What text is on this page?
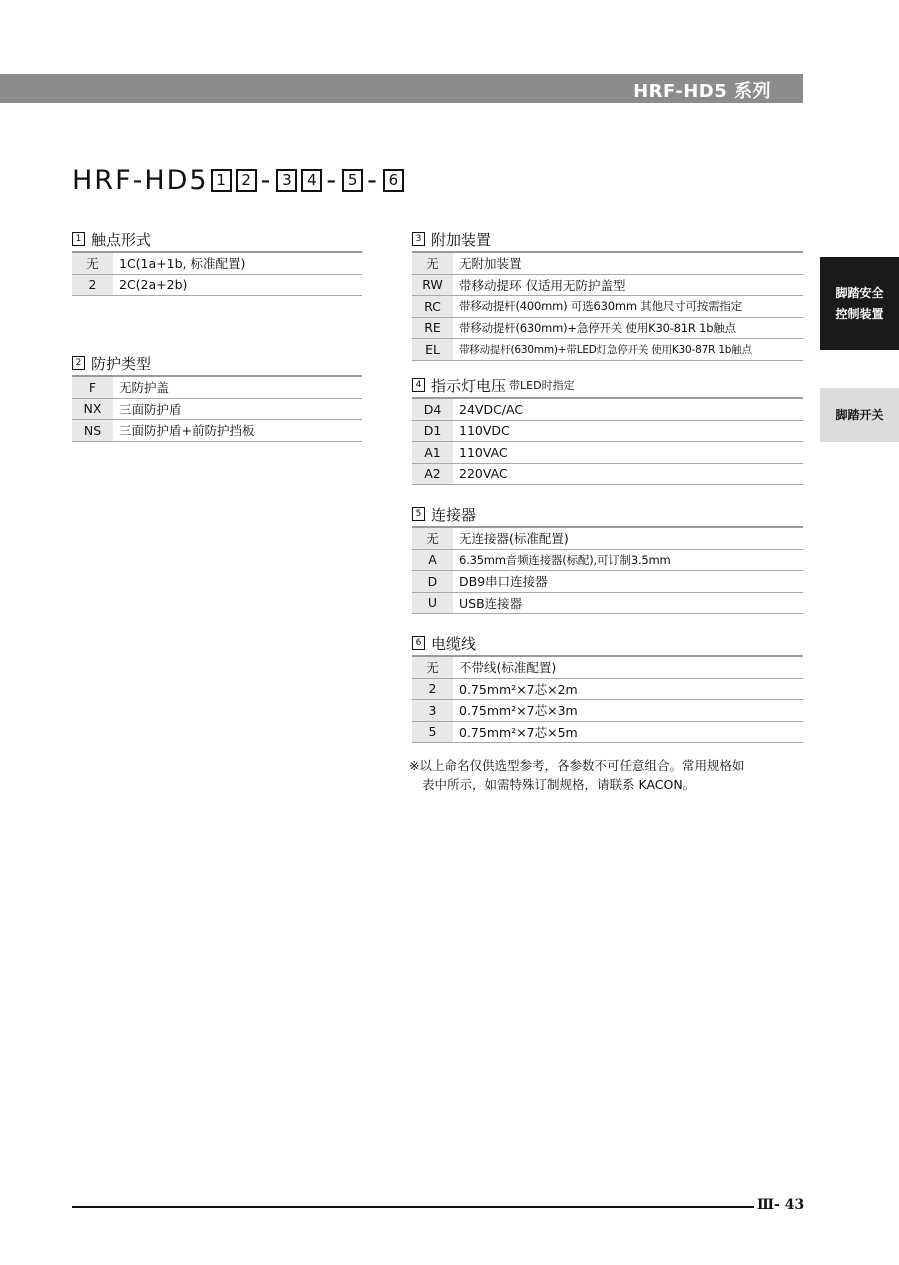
HRF-HD5 系列
HRF-HD5 1	2 - 3	4 - 5 - 6
1 触点形式
无	1C(1a+1b, 标准配置)
2	2C(2a+2b)
2 防护类型
F	无防护盖
NX	三面防护盾
NS	三面防护盾+前防护挡板
3 附加装置
无	无附加装置
RW	带移动提环 仅适用无防护盖型
RC	带移动提杆(400mm) 可选630mm 其他尺寸可按需指定
RE	带移动提杆(630mm)+急停开关 使用K30-81R 1b触点
EL	带移动提杆(630mm)+带LED灯急停开关 使用K30-87R 1b触点
4 指示灯电压 带LED时指定
D4	24VDC/AC
D1	110VDC
A1	110VAC
A2	220VAC
5 连接器
无	无连接器(标准配置)
A	6.35mm音频连接器(标配),可订制3.5mm
D	DB9串口连接器
U	USB连接器
6 电缆线
无	不带线(标准配置)
2	0.75mm²×7芯×2m
3	0.75mm²×7芯×3m
5	0.75mm²×7芯×5m
※以上命名仅供选型参考，各参数不可任意组合。常用规格如
表中所示，如需特殊订制规格，请联系 KACON。
脚踏安全
控制装置
脚踏开关
Ⅲ- 43
